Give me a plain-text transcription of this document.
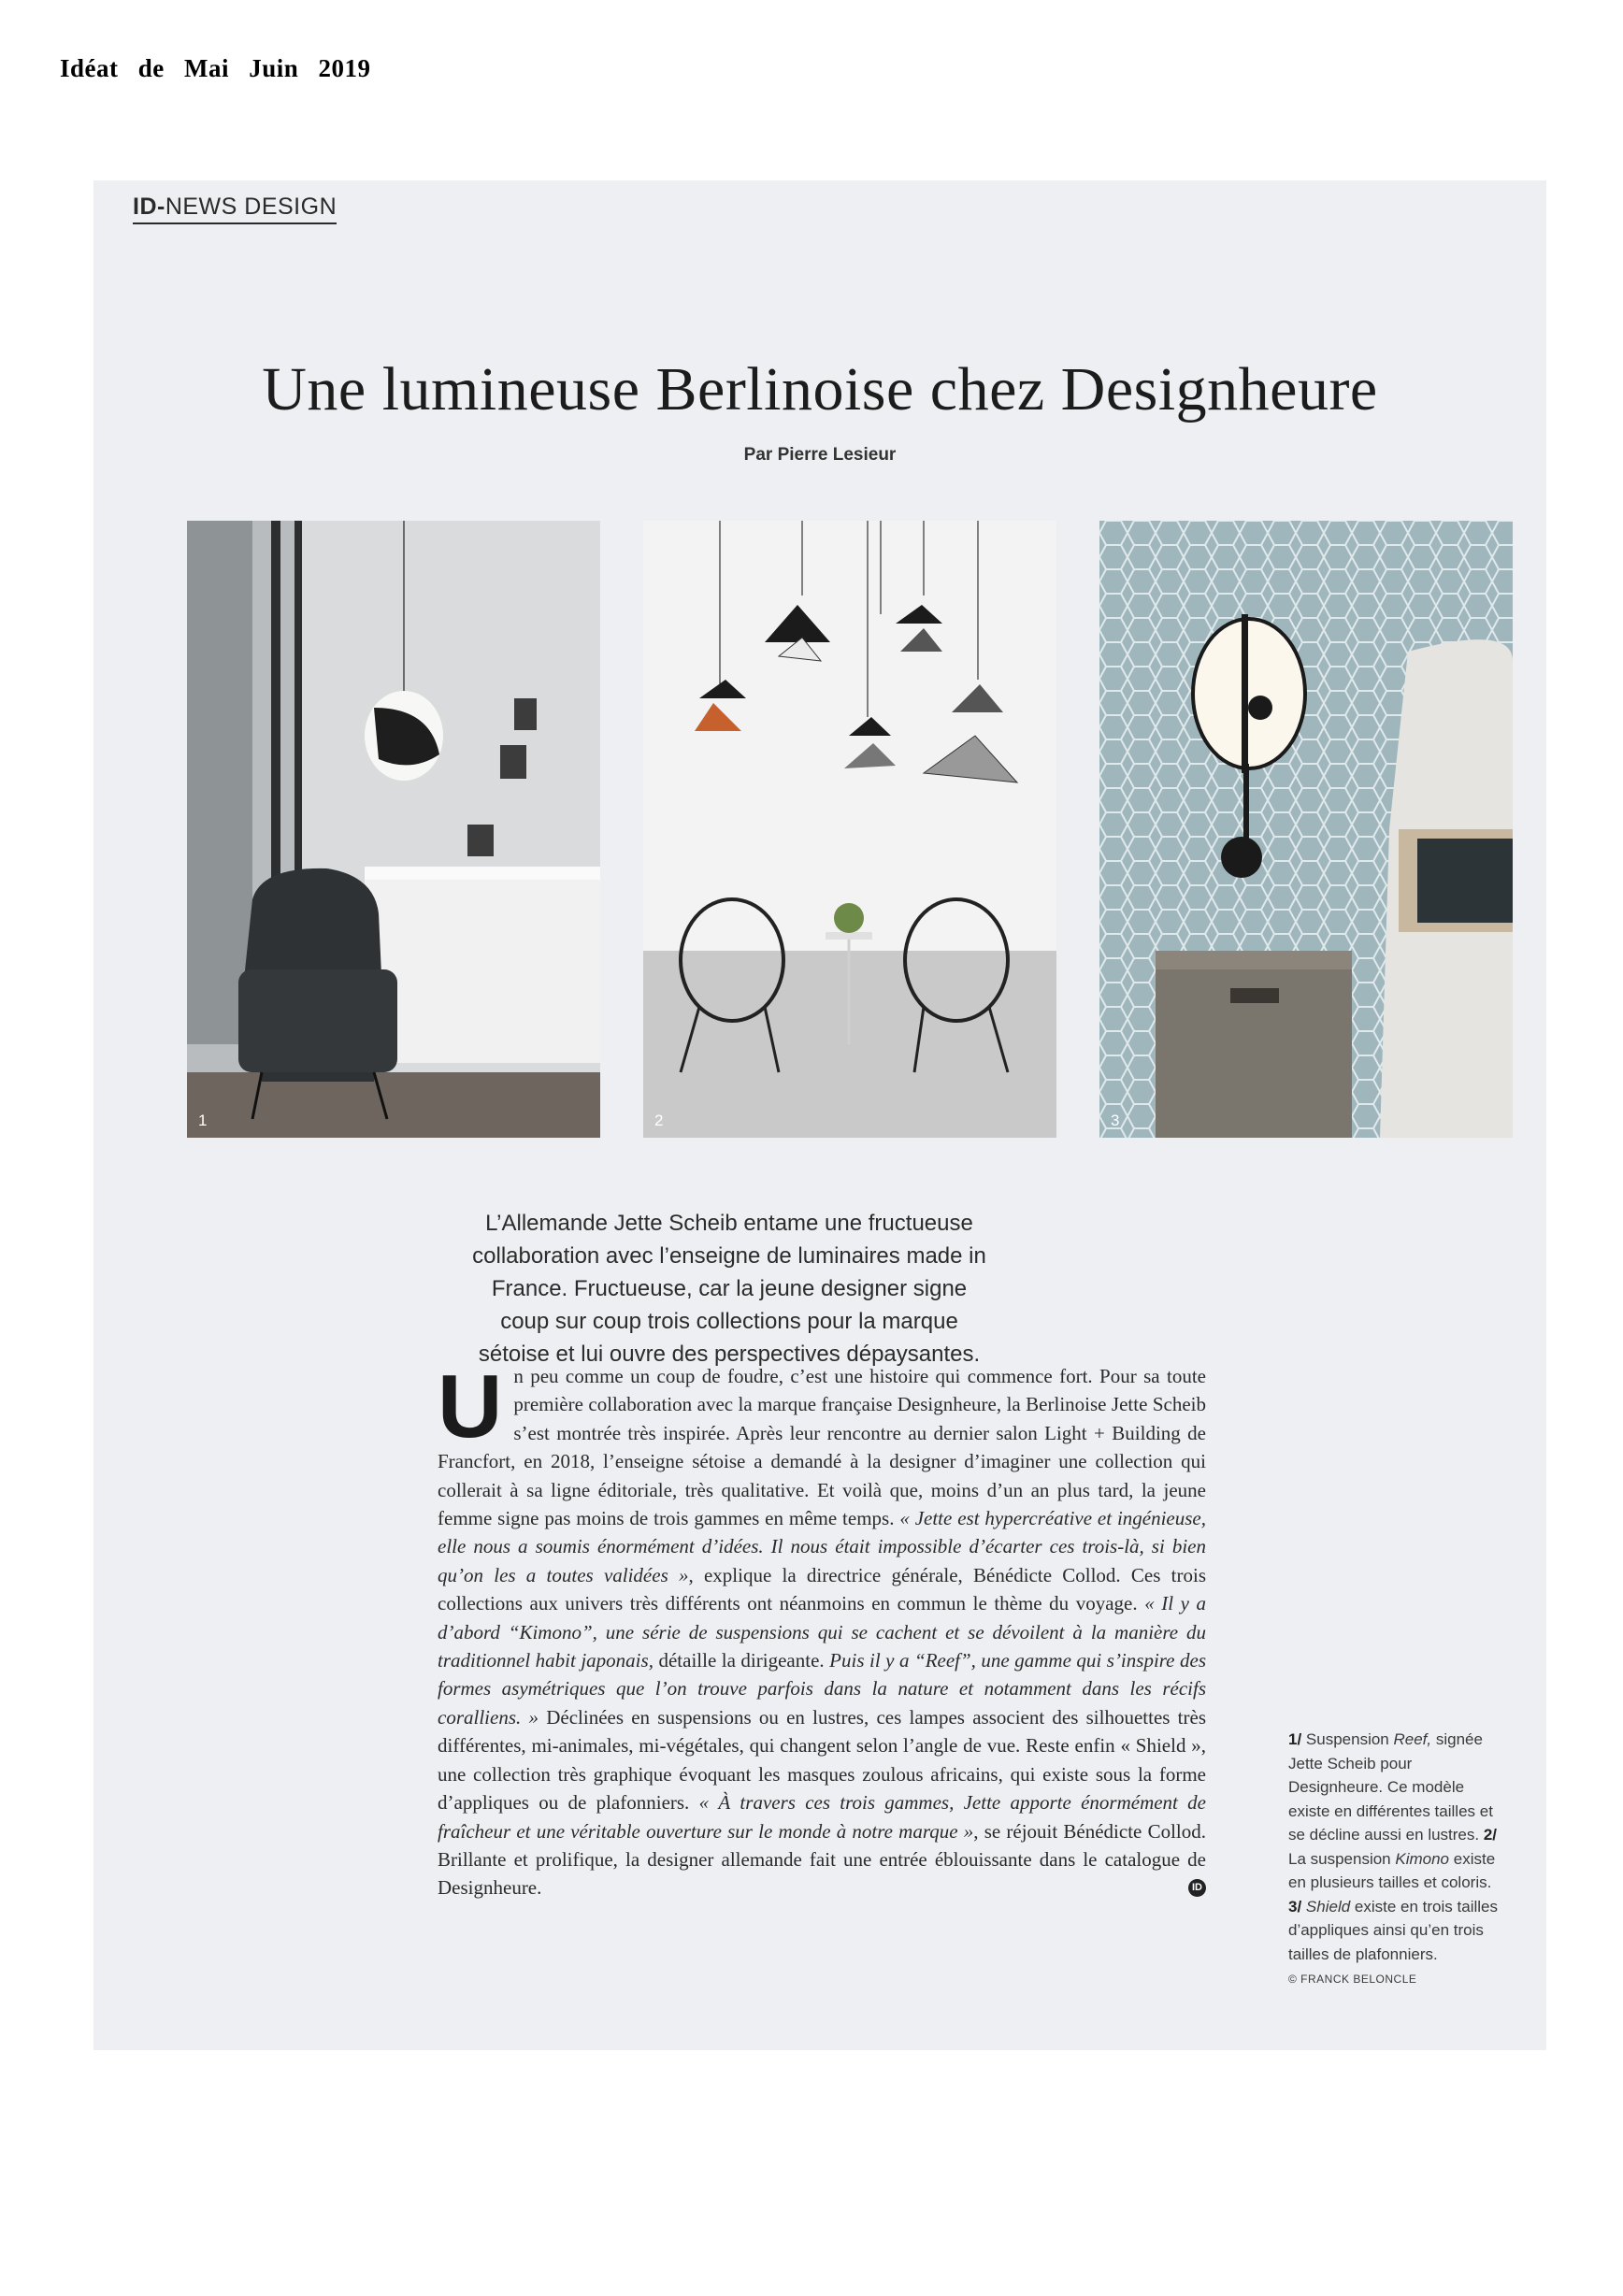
Idéat de Mai Juin 2019
ID-NEWS DESIGN
Une lumineuse Berlinoise chez Designheure
Par Pierre Lesieur
1	2	3
L’Allemande Jette Scheib entame une fructueuse collaboration avec l’enseigne de luminaires made in France. Fructueuse, car la jeune designer signe coup sur coup trois collections pour la marque sétoise et lui ouvre des perspectives dépaysantes.
Un peu comme un coup de foudre, c’est une histoire qui commence fort. Pour sa toute première collaboration avec la marque française Designheure, la Berlinoise Jette Scheib s’est montrée très inspirée. Après leur rencontre au dernier salon Light + Building de Francfort, en 2018, l’enseigne sétoise a demandé à la designer d’imaginer une collection qui collerait à sa ligne éditoriale, très qualitative. Et voilà que, moins d’un an plus tard, la jeune femme signe pas moins de trois gammes en même temps. « Jette est hypercréative et ingénieuse, elle nous a soumis énormément d’idées. Il nous était impossible d’écarter ces trois-là, si bien qu’on les a toutes validées », explique la directrice générale, Bénédicte Collod. Ces trois collections aux univers très différents ont néanmoins en commun le thème du voyage. « Il y a d’abord “Kimono”, une série de suspensions qui se cachent et se dévoilent à la manière du traditionnel habit japonais, détaille la dirigeante. Puis il y a “Reef”, une gamme qui s’inspire des formes asymétriques que l’on trouve parfois dans la nature et notamment dans les récifs coralliens. » Déclinées en suspensions ou en lustres, ces lampes associent des silhouettes très différentes, mi-animales, mi-végétales, qui changent selon l’angle de vue. Reste enfin « Shield », une collection très graphique évoquant les masques zoulous africains, qui existe sous la forme d’appliques ou de plafonniers. « À travers ces trois gammes, Jette apporte énormément de fraîcheur et une véritable ouverture sur le monde à notre marque », se réjouit Bénédicte Collod. Brillante et prolifique, la designer allemande fait une entrée éblouissante dans le catalogue de Designheure.	ID
1/ Suspension Reef, signée Jette Scheib pour Designheure. Ce modèle existe en différentes tailles et se décline aussi en lustres. 2/ La suspension Kimono existe en plusieurs tailles et coloris. 3/ Shield existe en trois tailles d’appliques ainsi qu’en trois tailles de plafonniers.
© FRANCK BELONCLE
